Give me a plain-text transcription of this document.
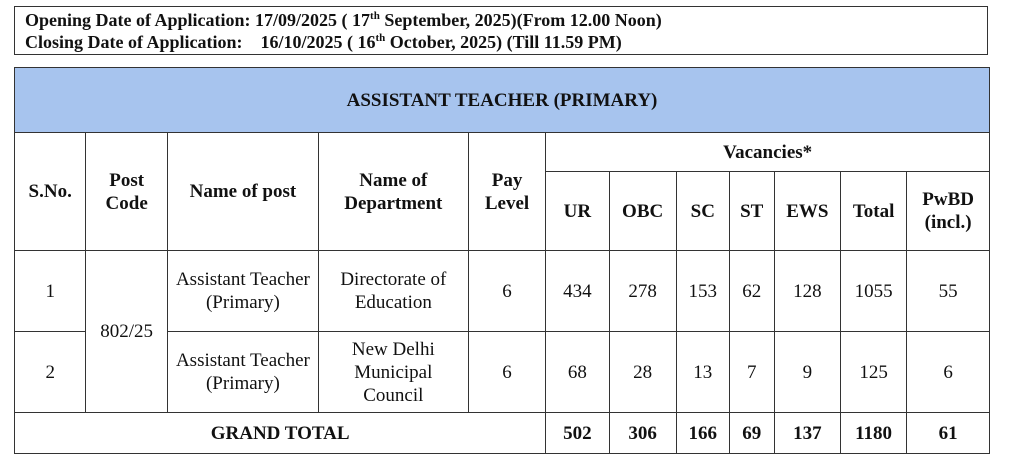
Opening Date of Application: 17/09/2025 ( 17th September, 2025)(From 12.00 Noon)
Closing Date of Application: 16/10/2025 ( 16th October, 2025) (Till 11.59 PM)
ASSISTANT TEACHER (PRIMARY)											
S.No.	Post Code	Name of post	Name of Department	Pay Level	Vacancies*						
					UR	OBC	SC	ST	EWS	Total	PwBD (incl.)
1	802/25	Assistant Teacher (Primary)	Directorate of Education	6	434	278	153	62	128	1055	55
2		Assistant Teacher (Primary)	New Delhi Municipal Council	6	68	28	13	7	9	125	6
GRAND TOTAL					502	306	166	69	137	1180	61
